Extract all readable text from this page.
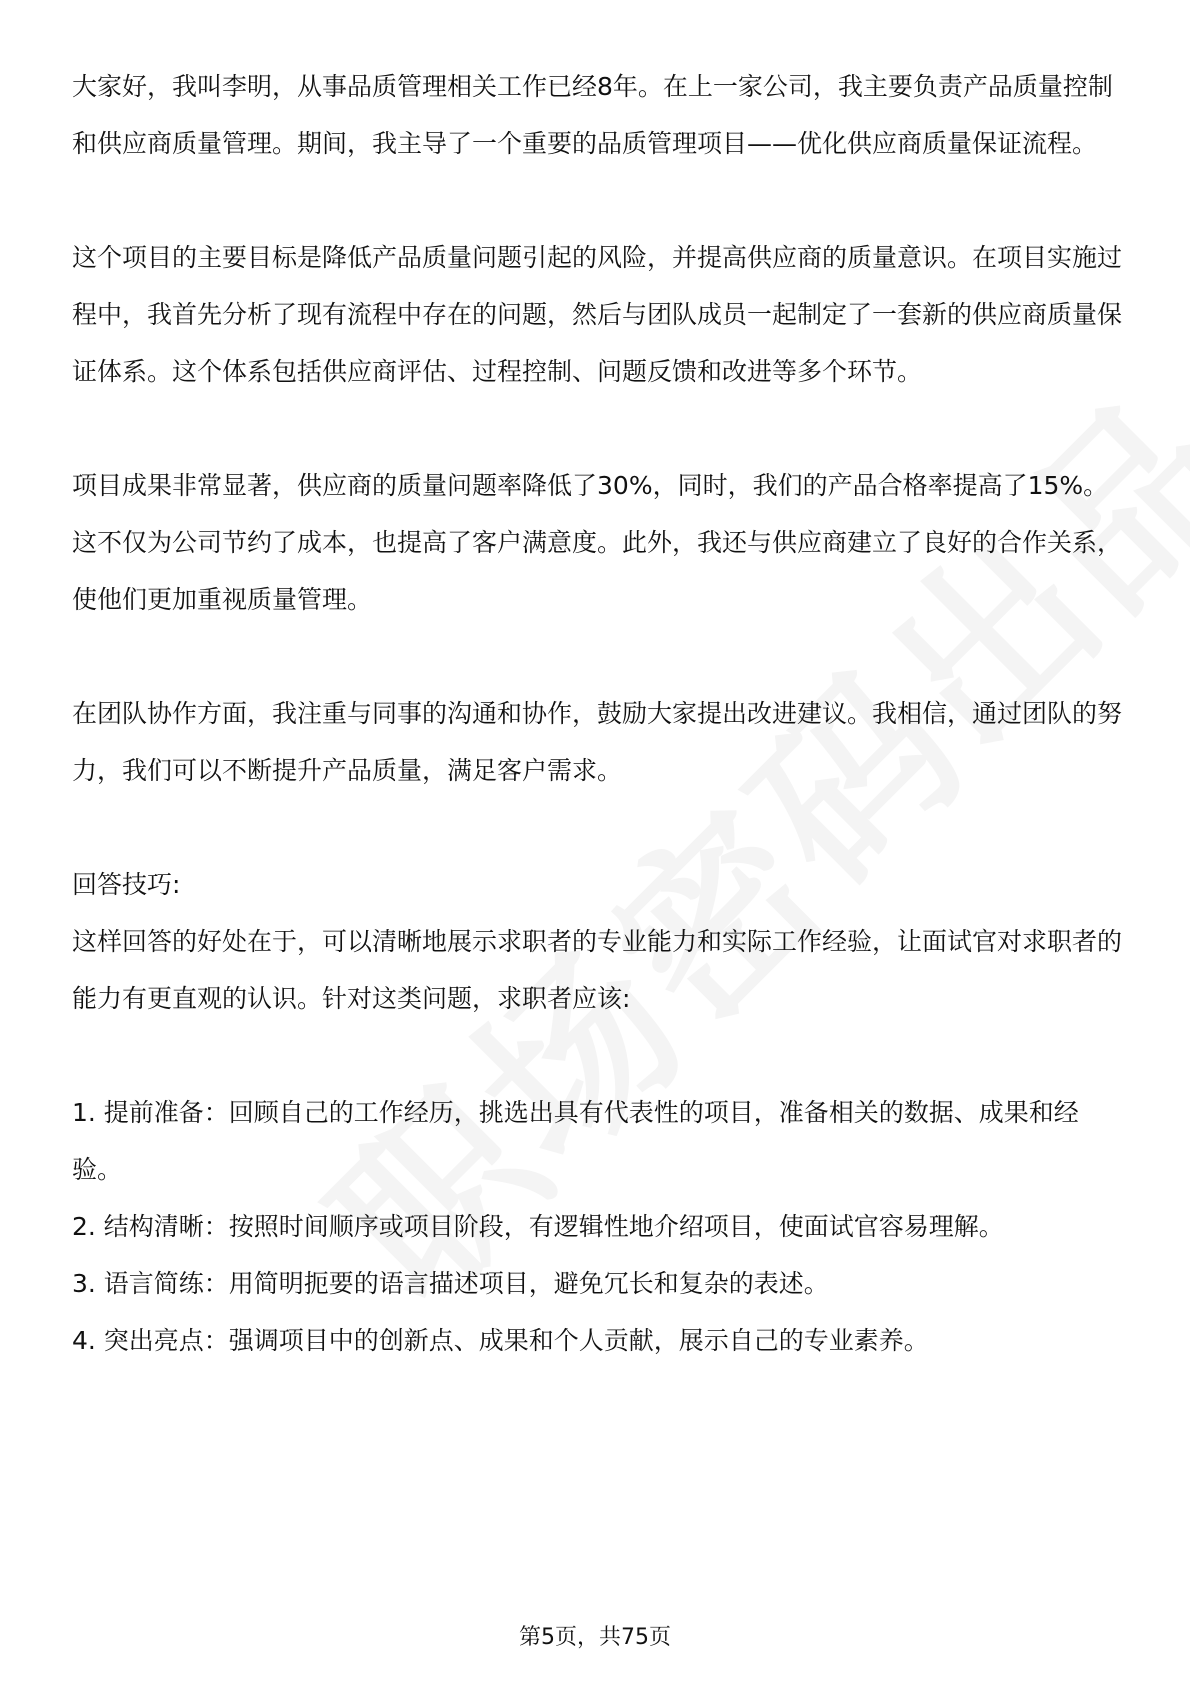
大家好，我叫李明，从事品质管理相关工作已经8年。在上一家公司，我主要负责产品质量控制和供应商质量管理。期间，我主导了一个重要的品质管理项目——优化供应商质量保证流程。

这个项目的主要目标是降低产品质量问题引起的风险，并提高供应商的质量意识。在项目实施过程中，我首先分析了现有流程中存在的问题，然后与团队成员一起制定了一套新的供应商质量保证体系。这个体系包括供应商评估、过程控制、问题反馈和改进等多个环节。

项目成果非常显著，供应商的质量问题率降低了30%，同时，我们的产品合格率提高了15%。这不仅为公司节约了成本，也提高了客户满意度。此外，我还与供应商建立了良好的合作关系，使他们更加重视质量管理。

在团队协作方面，我注重与同事的沟通和协作，鼓励大家提出改进建议。我相信，通过团队的努力，我们可以不断提升产品质量，满足客户需求。

回答技巧:

这样回答的好处在于，可以清晰地展示求职者的专业能力和实际工作经验，让面试官对求职者的能力有更直观的认识。针对这类问题，求职者应该:

1. 提前准备：回顾自己的工作经历，挑选出具有代表性的项目，准备相关的数据、成果和经验。

2. 结构清晰：按照时间顺序或项目阶段，有逻辑性地介绍项目，使面试官容易理解。

3. 语言简练：用简明扼要的语言描述项目，避免冗长和复杂的表述。

4. 突出亮点：强调项目中的创新点、成果和个人贡献，展示自己的专业素养。

第5页，共75页
